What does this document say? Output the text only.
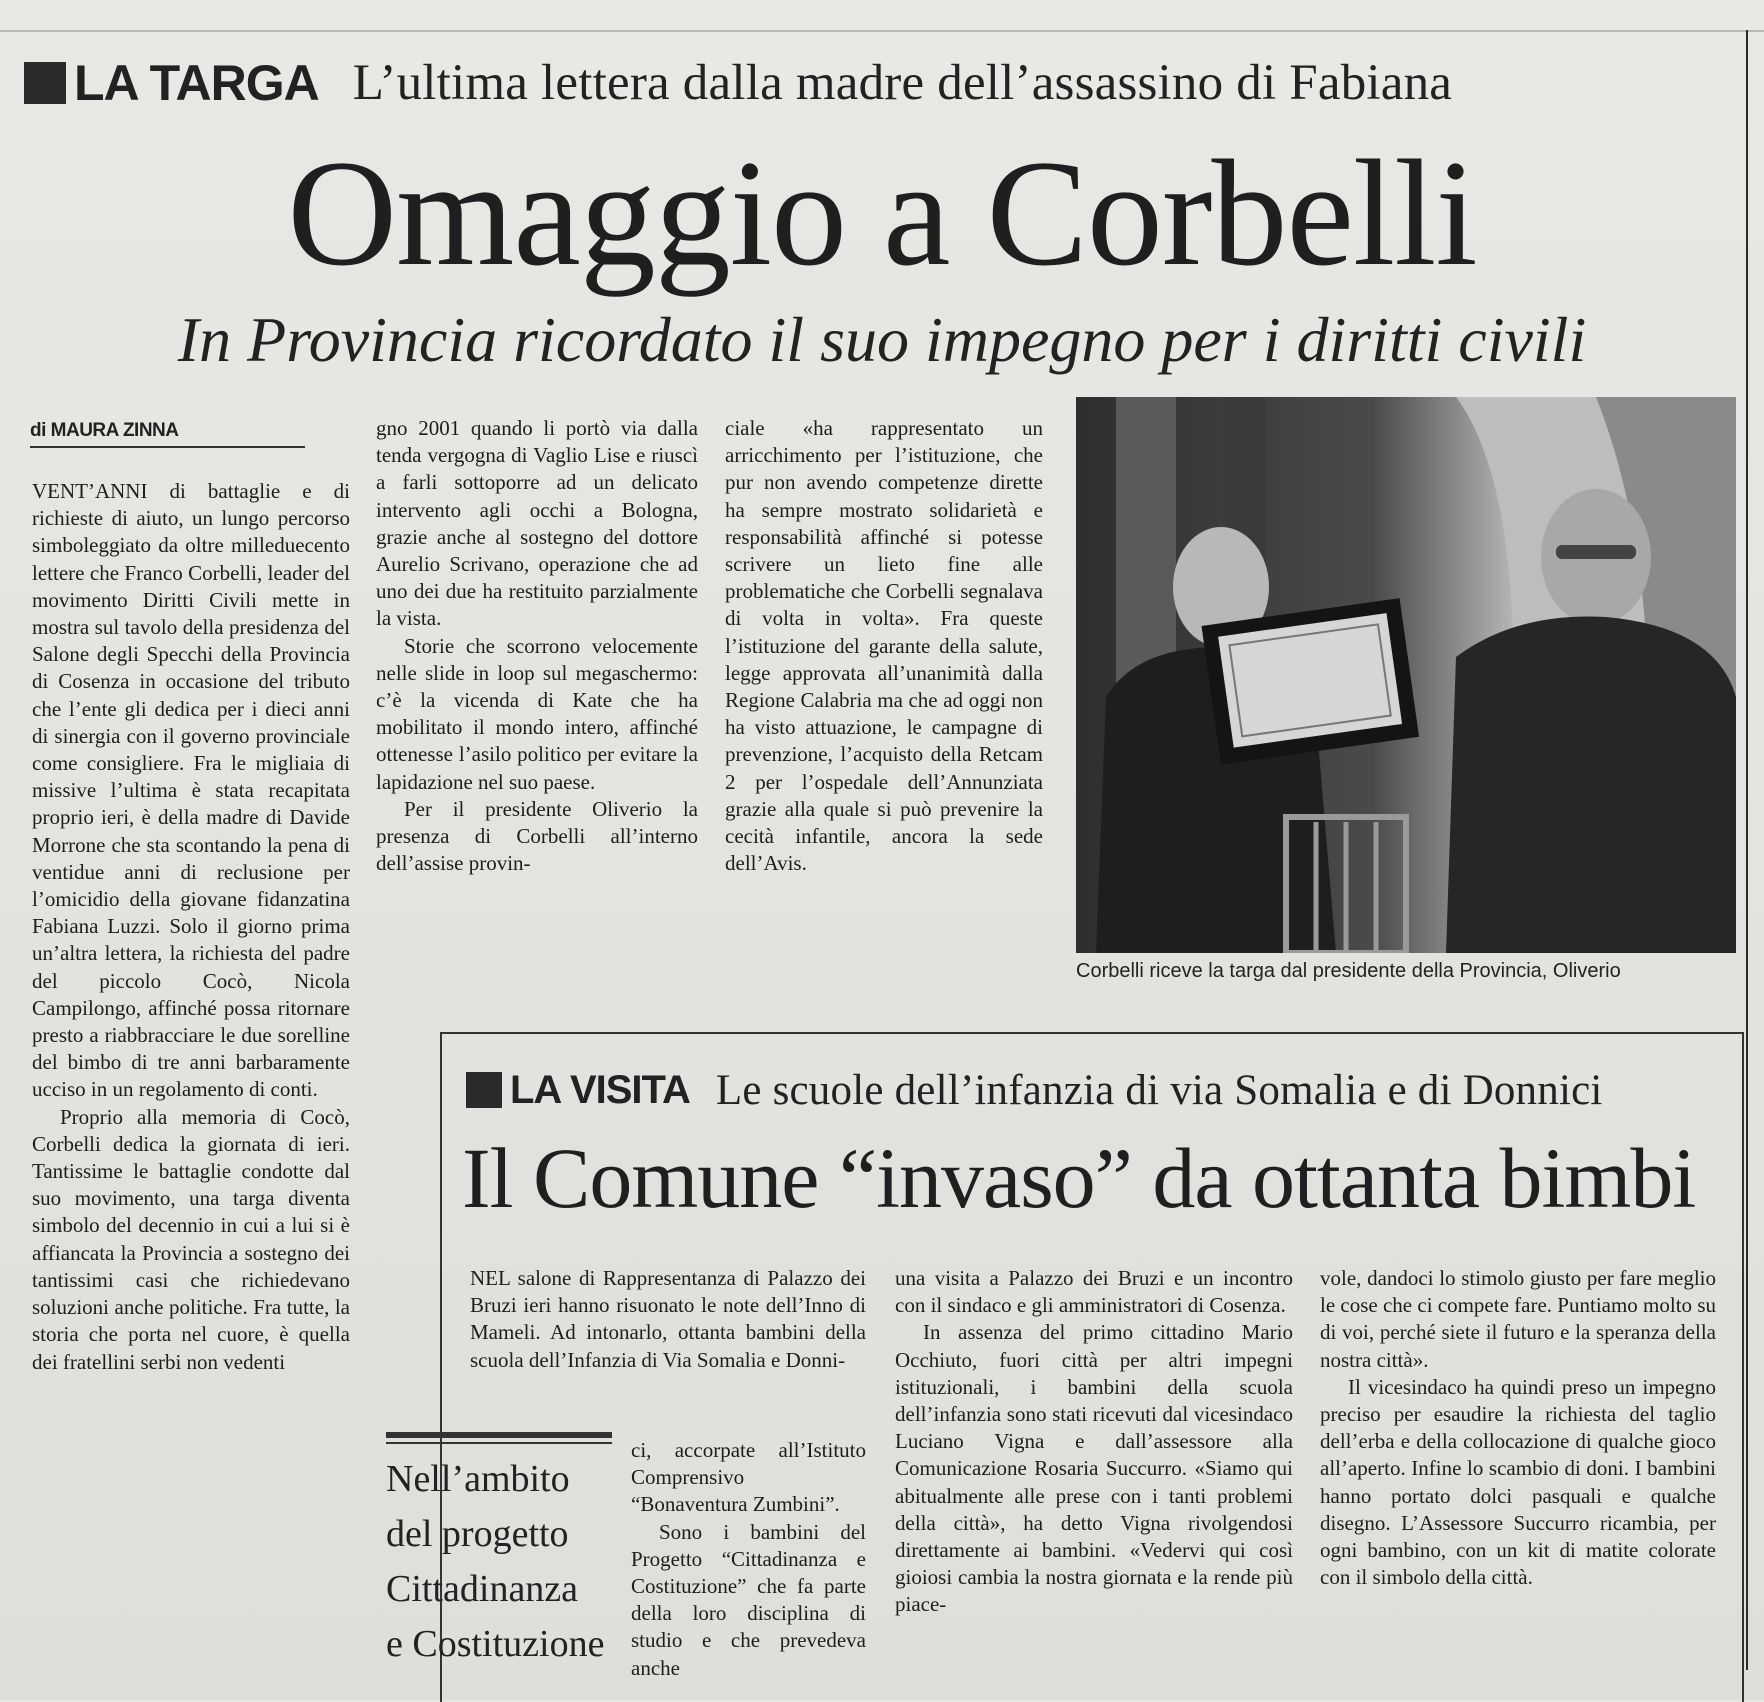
LA TARGA L’ultima lettera dalla madre dell’assassino di Fabiana
Omaggio a Corbelli
In Provincia ricordato il suo impegno per i diritti civili
di MAURA ZINNA

VENT’ANNI di battaglie e di richieste di aiuto, un lungo percorso simboleggiato da oltre milleduecento lettere che Franco Corbelli, leader del movimento Diritti Civili mette in mostra sul tavolo della presidenza del Salone degli Specchi della Provincia di Cosenza in occasione del tributo che l’ente gli dedica per i dieci anni di sinergia con il governo provinciale come consigliere. Fra le migliaia di missive l’ultima è stata recapitata proprio ieri, è della madre di Davide Morrone che sta scontando la pena di ventidue anni di reclusione per l’omicidio della giovane fidanzatina Fabiana Luzzi. Solo il giorno prima un’altra lettera, la richiesta del padre del piccolo Cocò, Nicola Campilongo, affinché possa ritornare presto a riabbracciare le due sorelline del bimbo di tre anni barbaramente ucciso in un regolamento di conti.

Proprio alla memoria di Cocò, Corbelli dedica la giornata di ieri. Tantissime le battaglie condotte dal suo movimento, una targa diventa simbolo del decennio in cui a lui si è affiancata la Provincia a sostegno dei tantissimi casi che richiedevano soluzioni anche politiche. Fra tutte, la storia che porta nel cuore, è quella dei fratellini serbi non vedenti

gno 2001 quando li portò via dalla tenda vergogna di Vaglio Lise e riuscì a farli sottoporre ad un delicato intervento agli occhi a Bologna, grazie anche al sostegno del dottore Aurelio Scrivano, operazione che ad uno dei due ha restituito parzialmente la vista.

Storie che scorrono velocemente nelle slide in loop sul megaschermo: c’è la vicenda di Kate che ha mobilitato il mondo intero, affinché ottenesse l’asilo politico per evitare la lapidazione nel suo paese.

Per il presidente Oliverio la presenza di Corbelli all’interno dell’assise provin-

ciale «ha rappresentato un arricchimento per l’istituzione, che pur non avendo competenze dirette ha sempre mostrato solidarietà e responsabilità affinché si potesse scrivere un lieto fine alle problematiche che Corbelli segnalava di volta in volta». Fra queste l’istituzione del garante della salute, legge approvata all’unanimità dalla Regione Calabria ma che ad oggi non ha visto attuazione, le campagne di prevenzione, l’acquisto della Retcam 2 per l’ospedale dell’Annunziata grazie alla quale si può prevenire la cecità infantile, ancora la sede dell’Avis.

Corbelli riceve la targa dal presidente della Provincia, Oliverio
LA VISITA Le scuole dell’infanzia di via Somalia e di Donnici
Il Comune “invaso” da ottanta bimbi

NEL salone di Rappresentanza di Palazzo dei Bruzi ieri hanno risuonato le note dell’Inno di Mameli. Ad intonarlo, ottanta bambini della scuola dell’Infanzia di Via Somalia e Donni-

Nell’ambito
del progetto
Cittadinanza
e Costituzione

ci, accorpate all’Istituto Comprensivo “Bonaventura Zumbini”.

Sono i bambini del Progetto “Cittadinanza e Costituzione” che fa parte della loro disciplina di studio e che prevedeva anche

una visita a Palazzo dei Bruzi e un incontro con il sindaco e gli amministratori di Cosenza.

In assenza del primo cittadino Mario Occhiuto, fuori città per altri impegni istituzionali, i bambini della scuola dell’infanzia sono stati ricevuti dal vicesindaco Luciano Vigna e dall’assessore alla Comunicazione Rosaria Succurro. «Siamo qui abitualmente alle prese con i tanti problemi della città», ha detto Vigna rivolgendosi direttamente ai bambini. «Vedervi qui così gioiosi cambia la nostra giornata e la rende più piace-

vole, dandoci lo stimolo giusto per fare meglio le cose che ci compete fare. Puntiamo molto su di voi, perché siete il futuro e la speranza della nostra città».

Il vicesindaco ha quindi preso un impegno preciso per esaudire la richiesta del taglio dell’erba e della collocazione di qualche gioco all’aperto. Infine lo scambio di doni. I bambini hanno portato dolci pasquali e qualche disegno. L’Assessore Succurro ricambia, per ogni bambino, con un kit di matite colorate con il simbolo della città.
